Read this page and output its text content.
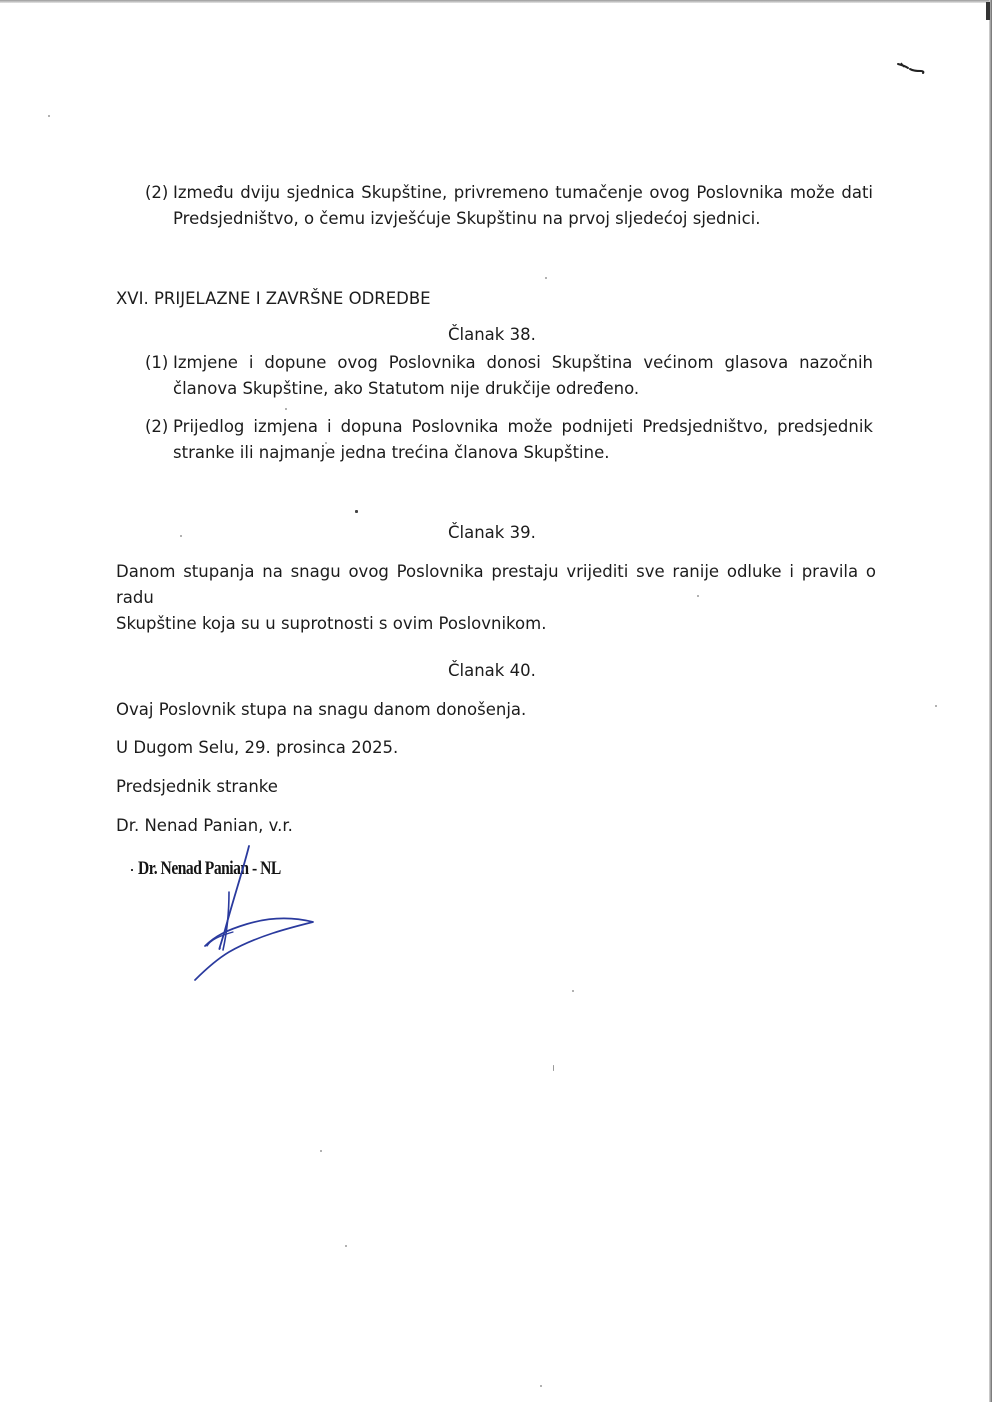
(2) Između dviju sjednica Skupštine, privremeno tumačenje ovog Poslovnika može dati
Predsjedništvo, o čemu izvješćuje Skupštinu na prvoj sljedećoj sjednici.
XVI. PRIJELAZNE I ZAVRŠNE ODREDBE
Članak 38.
(1) Izmjene i dopune ovog Poslovnika donosi Skupština većinom glasova nazočnih
članova Skupštine, ako Statutom nije drukčije određeno.
(2) Prijedlog izmjena i dopuna Poslovnika može podnijeti Predsjedništvo, predsjednik
stranke ili najmanje jedna trećina članova Skupštine.
Članak 39.
Danom stupanja na snagu ovog Poslovnika prestaju vrijediti sve ranije odluke i pravila o radu
Skupštine koja su u suprotnosti s ovim Poslovnikom.
Članak 40.
Ovaj Poslovnik stupa na snagu danom donošenja.
U Dugom Selu, 29. prosinca 2025.
Predsjednik stranke
Dr. Nenad Panian, v.r.
Dr. Nenad Panian - NL
